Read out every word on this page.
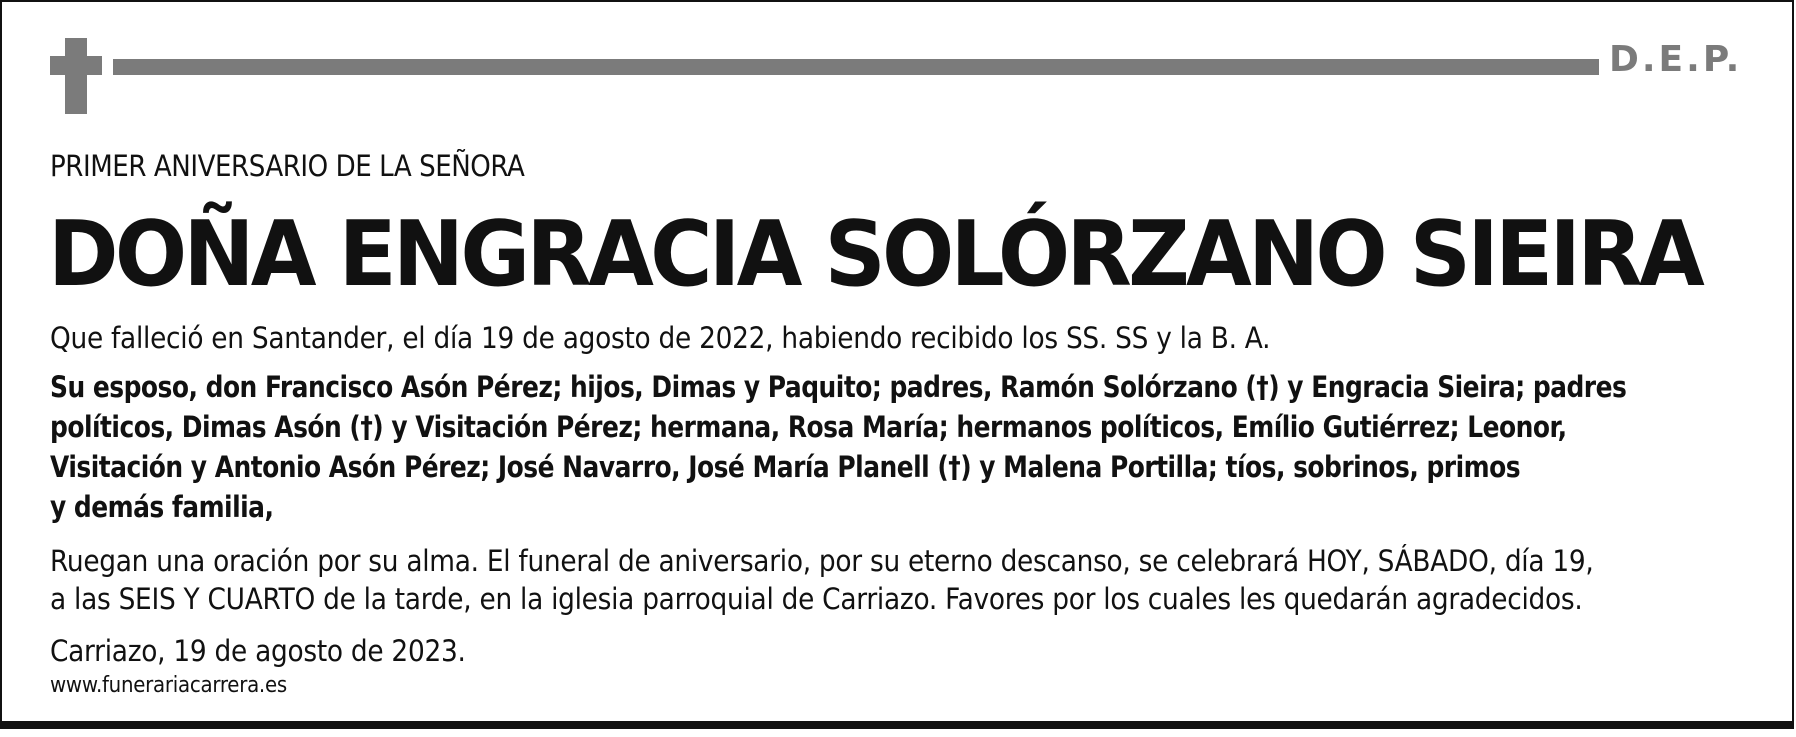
D.E.P.
PRIMER ANIVERSARIO DE LA SEÑORA
DOÑA ENGRACIA SOLÓRZANO SIEIRA
Que falleció en Santander, el día 19 de agosto de 2022, habiendo recibido los SS. SS y la B. A.
Su esposo, don Francisco Asón Pérez; hijos, Dimas y Paquito; padres, Ramón Solórzano (†) y Engracia Sieira; padres
políticos, Dimas Asón (†) y Visitación Pérez; hermana, Rosa María; hermanos políticos, Emílio Gutiérrez; Leonor,
Visitación y Antonio Asón Pérez; José Navarro, José María Planell (†) y Malena Portilla; tíos, sobrinos, primos
y demás familia,
Ruegan una oración por su alma. El funeral de aniversario, por su eterno descanso, se celebrará HOY, SÁBADO, día 19,
a las SEIS Y CUARTO de la tarde, en la iglesia parroquial de Carriazo. Favores por los cuales les quedarán agradecidos.
Carriazo, 19 de agosto de 2023.
www.funerariacarrera.es
